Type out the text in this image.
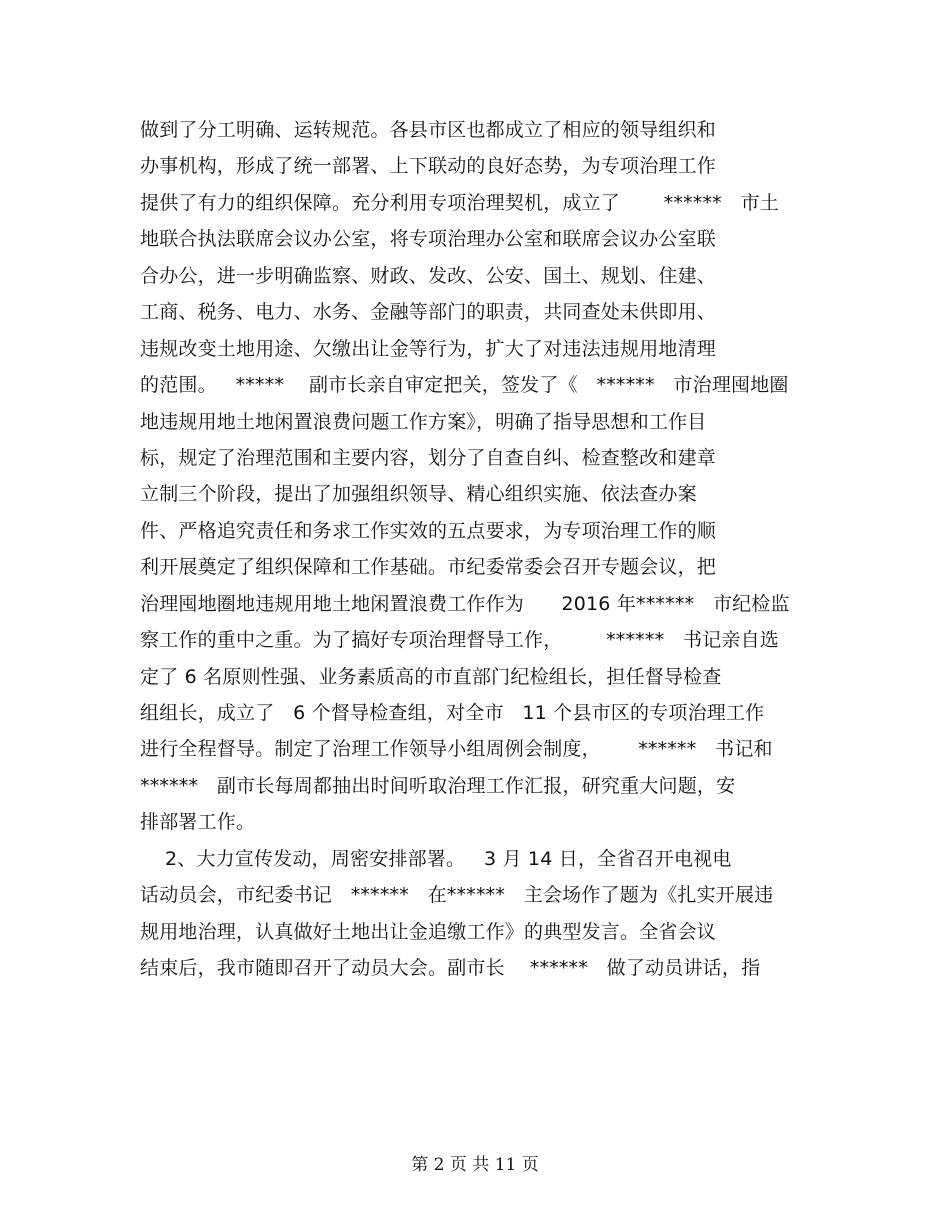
做到了分工明确、运转规范。各县市区也都成立了相应的领导组织和
办事机构，形成了统一部署、上下联动的良好态势，为专项治理工作
提供了有力的组织保障。充分利用专项治理契机，成立了       ******   市土
地联合执法联席会议办公室，将专项治理办公室和联席会议办公室联
合办公，进一步明确监察、财政、发改、公安、国土、规划、住建、
工商、税务、电力、水务、金融等部门的职责，共同查处未供即用、
违规改变土地用途、欠缴出让金等行为，扩大了对违法违规用地清理
的范围。   *****    副市长亲自审定把关，签发了《   ******   市治理囤地圈
地违规用地土地闲置浪费问题工作方案》，明确了指导思想和工作目
标，规定了治理范围和主要内容，划分了自查自纠、检查整改和建章
立制三个阶段，提出了加强组织领导、精心组织实施、依法查办案
件、严格追究责任和务求工作实效的五点要求，为专项治理工作的顺
利开展奠定了组织保障和工作基础。市纪委常委会召开专题会议，把
治理囤地圈地违规用地土地闲置浪费工作作为      2016 年******   市纪检监
察工作的重中之重。为了搞好专项治理督导工作，       ******   书记亲自选
定了 6 名原则性强、业务素质高的市直部门纪检组长，担任督导检查
组组长，成立了   6 个督导检查组，对全市   11 个县市区的专项治理工作
进行全程督导。制定了治理工作领导小组周例会制度，      ******   书记和
******   副市长每周都抽出时间听取治理工作汇报，研究重大问题，安
排部署工作。
2、大力宣传发动，周密安排部署。   3 月 14 日，全省召开电视电
话动员会，市纪委书记   ******   在******   主会场作了题为《扎实开展违
规用地治理，认真做好土地出让金追缴工作》的典型发言。全省会议
结束后，我市随即召开了动员大会。副市长    ******   做了动员讲话，指
第 2 页 共 11 页
